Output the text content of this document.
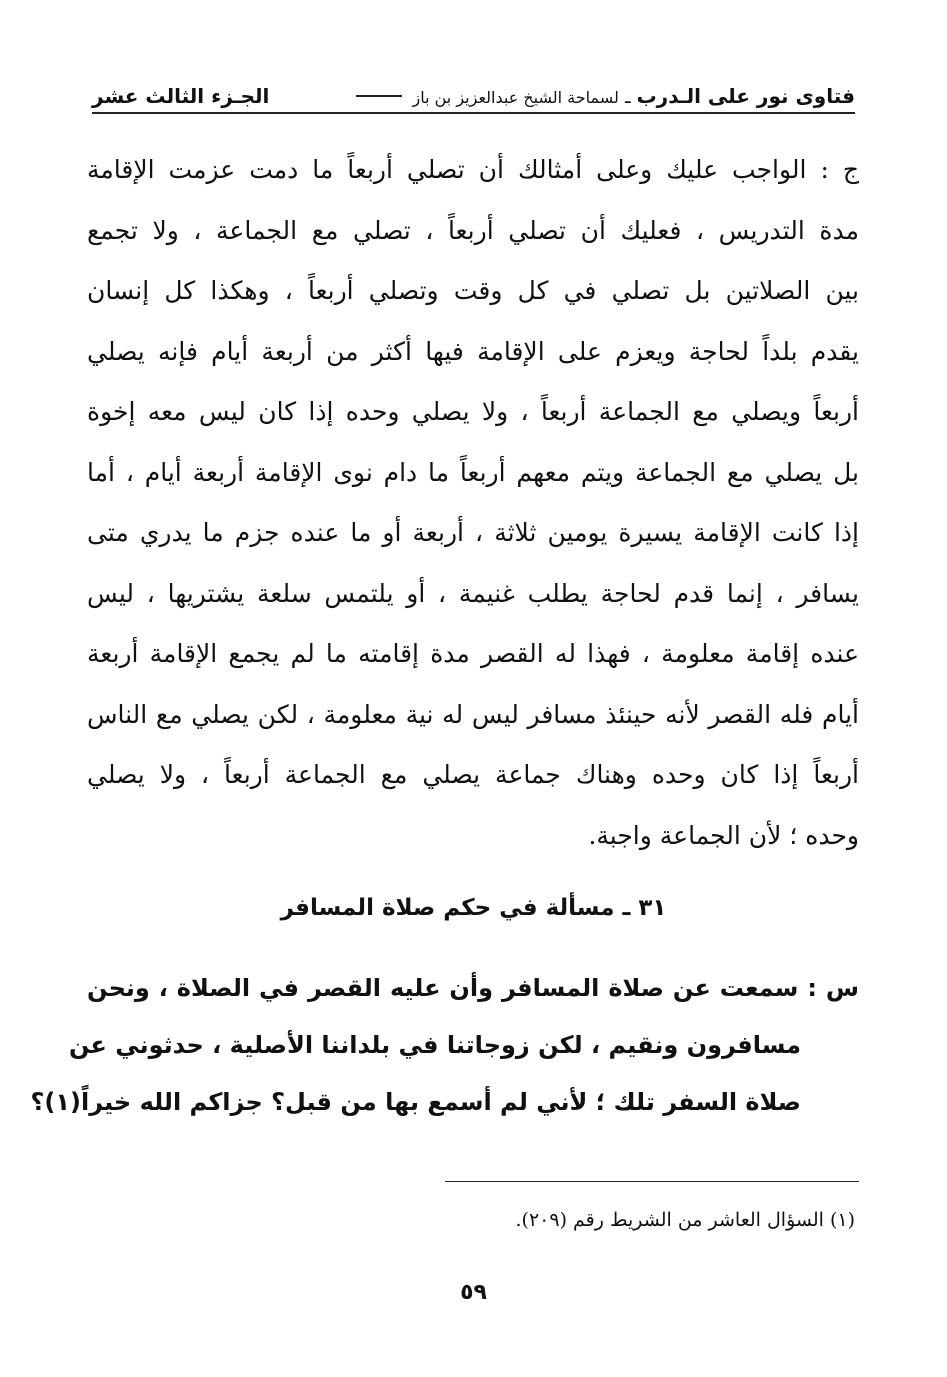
فتاوى نور على الـدرب ـ لسماحة الشيخ عبدالعزيز بن باز
الجـزء الثالث عشر
ج : الواجب عليك وعلى أمثالك أن تصلي أربعاً ما دمت عزمت الإقامة
مدة التدريس ، فعليك أن تصلي أربعاً ، تصلي مع الجماعة ، ولا تجمع
بين الصلاتين بل تصلي في كل وقت وتصلي أربعاً ، وهكذا كل إنسان
يقدم بلداً لحاجة ويعزم على الإقامة فيها أكثر من أربعة أيام فإنه يصلي
أربعاً ويصلي مع الجماعة أربعاً ، ولا يصلي وحده إذا كان ليس معه إخوة
بل يصلي مع الجماعة ويتم معهم أربعاً ما دام نوى الإقامة أربعة أيام ، أما
إذا كانت الإقامة يسيرة يومين ثلاثة ، أربعة أو ما عنده جزم ما يدري متى
يسافر ، إنما قدم لحاجة يطلب غنيمة ، أو يلتمس سلعة يشتريها ، ليس
عنده إقامة معلومة ، فهذا له القصر مدة إقامته ما لم يجمع الإقامة أربعة
أيام فله القصر لأنه حينئذ مسافر ليس له نية معلومة ، لكن يصلي مع الناس
أربعاً إذا كان وحده وهناك جماعة يصلي مع الجماعة أربعاً ، ولا يصلي
وحده ؛ لأن الجماعة واجبة.
٣١ ـ مسألة في حكم صلاة المسافر
س : سمعت عن صلاة المسافر وأن عليه القصر في الصلاة ، ونحن
مسافرون ونقيم ، لكن زوجاتنا في بلداننا الأصلية ، حدثوني عن
صلاة السفر تلك ؛ لأني لم أسمع بها من قبل؟ جزاكم الله خيراً(١)؟
(١) السؤال العاشر من الشريط رقم (٢٠٩).
٥٩
